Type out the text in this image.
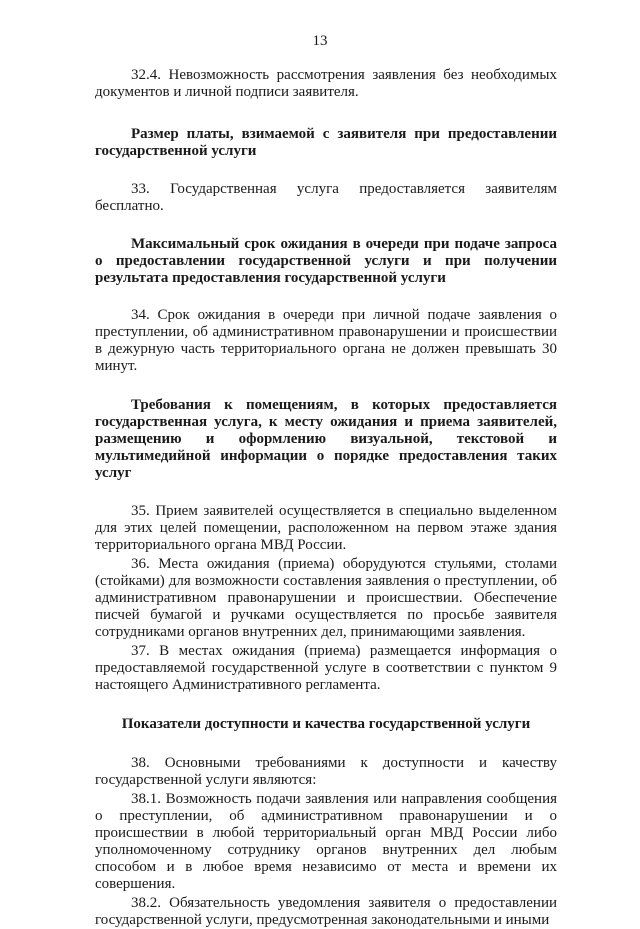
13

32.4. Невозможность рассмотрения заявления без необходимых документов и личной подписи заявителя.

Размер платы, взимаемой с заявителя при предоставлении государственной услуги

33. Государственная услуга предоставляется заявителям бесплатно.

Максимальный срок ожидания в очереди при подаче запроса о предоставлении государственной услуги и при получении результата предоставления государственной услуги

34. Срок ожидания в очереди при личной подаче заявления о преступлении, об административном правонарушении и происшествии в дежурную часть территориального органа не должен превышать 30 минут.

Требования к помещениям, в которых предоставляется государственная услуга, к месту ожидания и приема заявителей, размещению и оформлению визуальной, текстовой и мультимедийной информации о порядке предоставления таких услуг

35. Прием заявителей осуществляется в специально выделенном для этих целей помещении, расположенном на первом этаже здания территориального органа МВД России.

36. Места ожидания (приема) оборудуются стульями, столами (стойками) для возможности составления заявления о преступлении, об административном правонарушении и происшествии. Обеспечение писчей бумагой и ручками осуществляется по просьбе заявителя сотрудниками органов внутренних дел, принимающими заявления.

37. В местах ожидания (приема) размещается информация о предоставляемой государственной услуге в соответствии с пунктом 9 настоящего Административного регламента.

Показатели доступности и качества государственной услуги

38. Основными требованиями к доступности и качеству государственной услуги являются:

38.1. Возможность подачи заявления или направления сообщения о преступлении, об административном правонарушении и о происшествии в любой территориальный орган МВД России либо уполномоченному сотруднику органов внутренних дел любым способом и в любое время независимо от места и времени их совершения.

38.2. Обязательность уведомления заявителя о предоставлении государственной услуги, предусмотренная законодательными и иными
